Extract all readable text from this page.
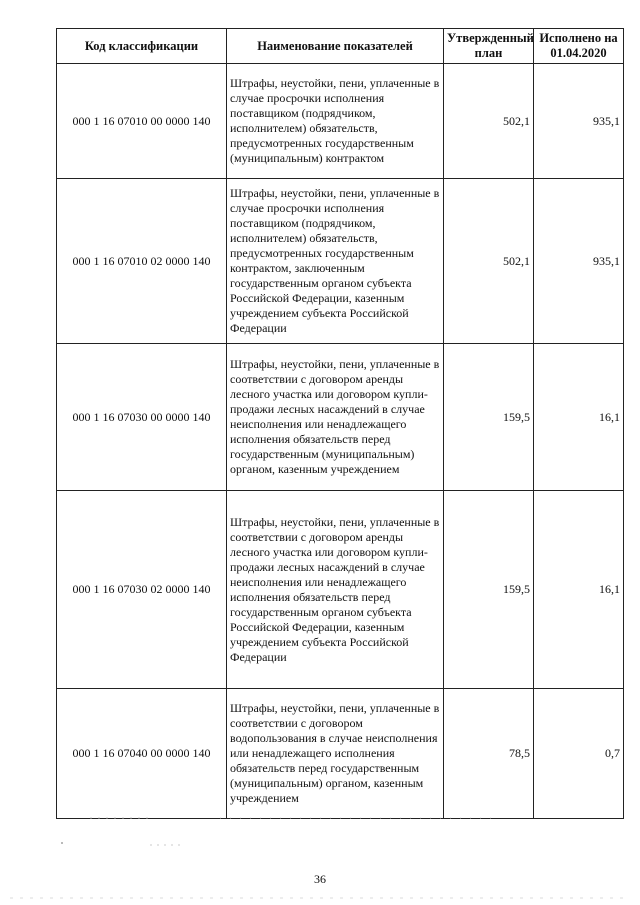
Код классификации	Наименование показателей	Утвержденный план	Исполнено на 01.04.2020
000 1 16 07010 00 0000 140	Штрафы, неустойки, пени, уплаченные в случае просрочки исполнения поставщиком (подрядчиком, исполнителем) обязательств, предусмотренных государственным (муниципальным) контрактом	502,1	935,1
000 1 16 07010 02 0000 140	Штрафы, неустойки, пени, уплаченные в случае просрочки исполнения поставщиком (подрядчиком, исполнителем) обязательств, предусмотренных государственным контрактом, заключенным государственным органом субъекта Российской Федерации, казенным учреждением субъекта Российской Федерации	502,1	935,1
000 1 16 07030 00 0000 140	Штрафы, неустойки, пени, уплаченные в соответствии с договором аренды лесного участка или договором купли-продажи лесных насаждений в случае неисполнения или ненадлежащего исполнения обязательств перед государственным (муниципальным) органом, казенным учреждением	159,5	16,1
000 1 16 07030 02 0000 140	Штрафы, неустойки, пени, уплаченные в соответствии с договором аренды лесного участка или договором купли-продажи лесных насаждений в случае неисполнения или ненадлежащего исполнения обязательств перед государственным органом субъекта Российской Федерации, казенным учреждением субъекта Российской Федерации	159,5	16,1
000 1 16 07040 00 0000 140	Штрафы, неустойки, пени, уплаченные в соответствии с договором водопользования в случае неисполнения или ненадлежащего исполнения обязательств перед государственным (муниципальным) органом, казенным учреждением	78,5	0,7
36
